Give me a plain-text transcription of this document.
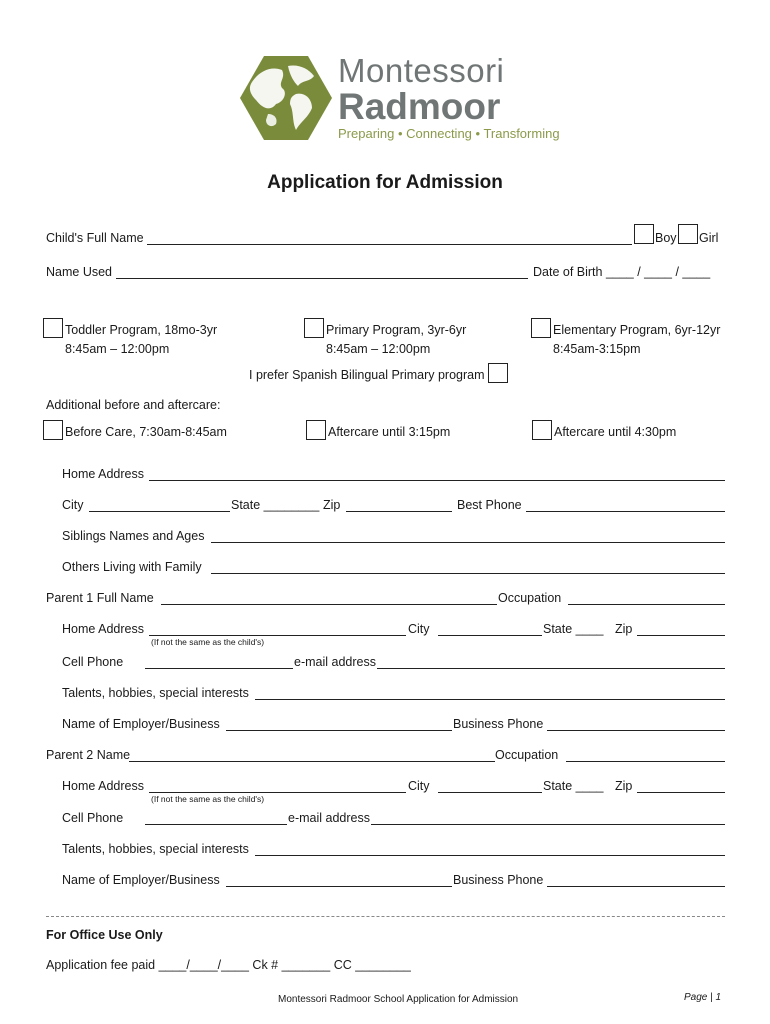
Montessori
Radmoor
Preparing • Connecting • Transforming
Application for Admission
Child's Full Name	Boy Girl
Name Used	Date of Birth ____ / ____ / ____
Toddler Program, 18mo-3yr
8:45am – 12:00pm
Primary Program, 3yr-6yr
8:45am – 12:00pm
Elementary Program, 6yr-12yr
8:45am-3:15pm
I prefer Spanish Bilingual Primary program
Additional before and aftercare:
Before Care, 7:30am-8:45am	Aftercare until 3:15pm	Aftercare until 4:30pm
Home Address
City	State ________ Zip	Best Phone
Siblings Names and Ages
Others Living with Family
Parent 1 Full Name	Occupation
Home Address
(If not the same as the child's)
City	State ____ Zip
Cell Phone	e-mail address
Talents, hobbies, special interests
Name of Employer/Business	Business Phone
Parent 2 Name	Occupation
Home Address
(If not the same as the child's)
City	State ____ Zip
Cell Phone	e-mail address
Talents, hobbies, special interests
Name of Employer/Business	Business Phone
For Office Use Only
Application fee paid ____/____/____ Ck # _______ CC ________
Montessori Radmoor School Application for Admission	Page | 1
